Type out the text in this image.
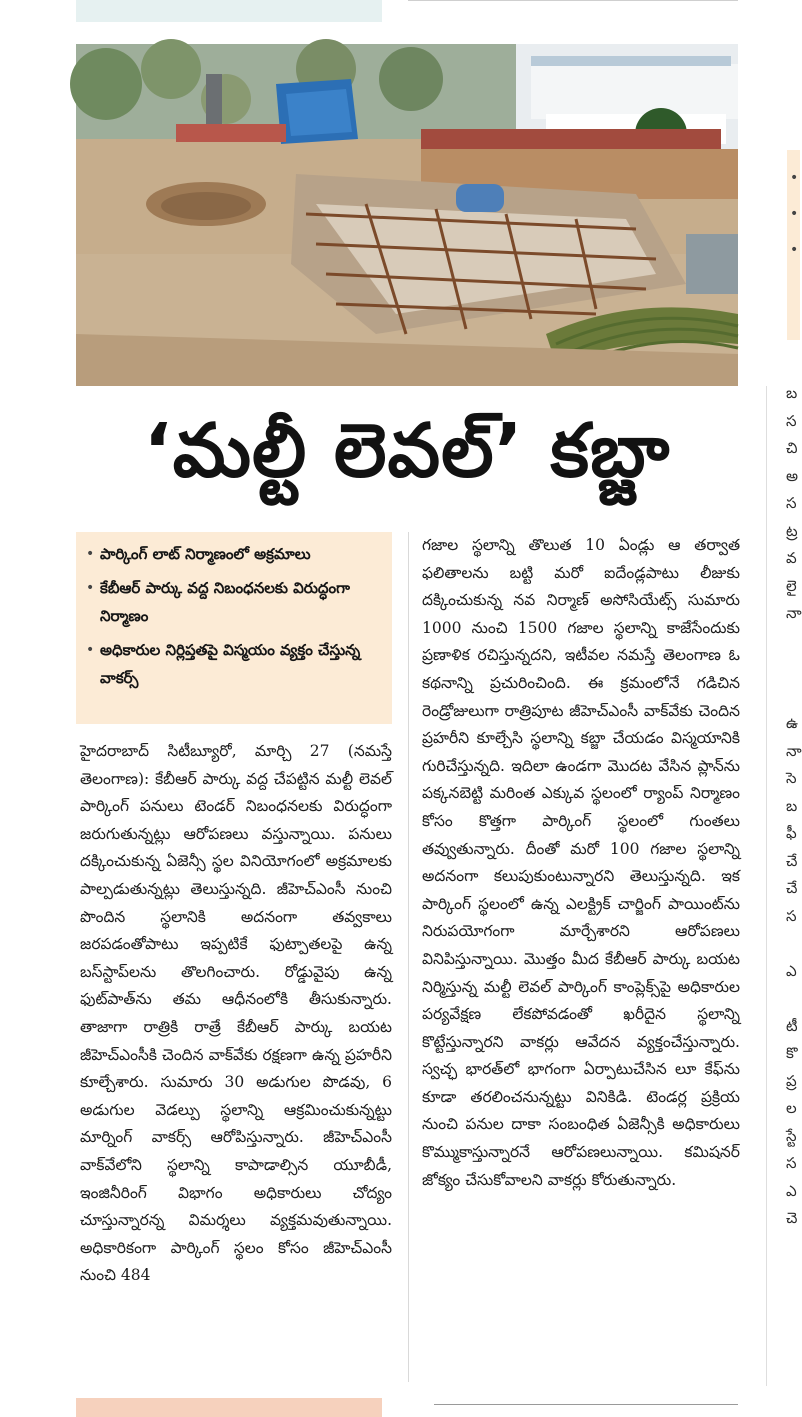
‘మల్టీ లెవల్’ కబ్జా
• పార్కింగ్ లాట్ నిర్మాణంలో అక్రమాలు
• కేబీఆర్ పార్కు వద్ద నిబంధనలకు విరుద్ధంగా నిర్మాణం
• అధికారుల నిర్లిప్తతపై విస్మయం వ్యక్తం చేస్తున్న వాకర్స్
హైదరాబాద్ సిటీబ్యూరో, మార్చి 27 (నమస్తే తెలంగాణ): కేబీఆర్ పార్కు వద్ద చేపట్టిన మల్టీ లెవల్ పార్కింగ్ పనులు టెండర్ నిబంధనలకు విరుద్ధంగా జరుగుతున్నట్లు ఆరోపణలు వస్తున్నాయి. పనులు దక్కించుకున్న ఏజెన్సీ స్థల వినియోగంలో అక్రమాలకు పాల్పడుతున్నట్లు తెలుస్తున్నది. జీహెచ్ఎంసీ నుంచి పొందిన స్థలానికి అదనంగా తవ్వకాలు జరపడంతోపాటు ఇప్పటికే ఫుట్పాతలపై ఉన్న బస్‌స్టాప్‌లను తొలగించారు. రోడ్డువైపు ఉన్న ఫుట్‌పాత్‌ను తమ ఆధీనంలోకి తీసుకున్నారు. తాజాగా రాత్రికి రాత్రే కేబీఆర్ పార్కు బయట జీహెచ్ఎంసీకి చెందిన వాక్‌వేకు రక్షణగా ఉన్న ప్రహరీని కూల్చేశారు. సుమారు 30 అడుగుల పొడవు, 6 అడుగుల వెడల్పు స్థలాన్ని ఆక్రమించుకున్నట్టు మార్నింగ్ వాకర్స్ ఆరోపిస్తున్నారు. జీహెచ్ఎంసీ వాక్‌వేలోని స్థలాన్ని కాపాడాల్సిన యూబీడీ, ఇంజినీరింగ్ విభాగం అధికారులు చోద్యం చూస్తున్నారన్న విమర్శలు వ్యక్తమవుతున్నాయి. అధికారికంగా పార్కింగ్ స్థలం కోసం జీహెచ్ఎంసీ నుంచి 484
గజాల స్థలాన్ని తొలుత 10 ఏండ్లు ఆ తర్వాత ఫలితాలను బట్టి మరో ఐదేండ్లపాటు లీజుకు దక్కించుకున్న నవ నిర్మాణ్ అసోసియేట్స్ సుమారు 1000 నుంచి 1500 గజాల స్థలాన్ని కాజేసేందుకు ప్రణాళిక రచిస్తున్నదని, ఇటీవల నమస్తే తెలంగాణ ఓ కథనాన్ని ప్రచురించింది. ఈ క్రమంలోనే గడిచిన రెండ్రోజులుగా రాత్రిపూట జీహెచ్ఎంసీ వాక్‌వేకు చెందిన ప్రహరీని కూల్చేసి స్థలాన్ని కబ్జా చేయడం విస్మయానికి గురిచేస్తున్నది. ఇదిలా ఉండగా మొదట వేసిన ప్లాన్‌ను పక్కనబెట్టి మరింత ఎక్కువ స్థలంలో ర్యాంప్ నిర్మాణం కోసం కొత్తగా పార్కింగ్ స్థలంలో గుంతలు తవ్వుతున్నారు. దీంతో మరో 100 గజాల స్థలాన్ని అదనంగా కలుపుకుంటున్నారని తెలుస్తున్నది. ఇక పార్కింగ్ స్థలంలో ఉన్న ఎలక్ట్రిక్ చార్జింగ్ పాయింట్‌ను నిరుపయోగంగా మార్చేశారని ఆరోపణలు వినిపిస్తున్నాయి. మొత్తం మీద కేబీఆర్ పార్కు బయట నిర్మిస్తున్న మల్టీ లెవల్ పార్కింగ్ కాంప్లెక్స్‌పై అధికారుల పర్యవేక్షణ లేకపోవడంతో ఖరీదైన స్థలాన్ని కొట్టేస్తున్నారని వాకర్లు ఆవేదన వ్యక్తంచేస్తున్నారు. స్వచ్ఛ భారత్‌లో భాగంగా ఏర్పాటుచేసిన లూ కేఫ్‌ను కూడా తరలించనున్నట్టు వినికిడి. టెండర్ల ప్రక్రియ నుంచి పనుల దాకా సంబంధిత ఏజెన్సీకి అధికారులు కొమ్ముకాస్తున్నారనే ఆరోపణలున్నాయి. కమిషనర్ జోక్యం చేసుకోవాలని వాకర్లు కోరుతున్నారు.
•
•
•
బ
స
చి
అ
స
ట్ర
వ
లై
నా

ఉ
నా
సె
బ
ఫీ
చే
చే
స

ఎ

టీ
కొ
ప్ర
ల
స్టే
స
ఎ
చె
